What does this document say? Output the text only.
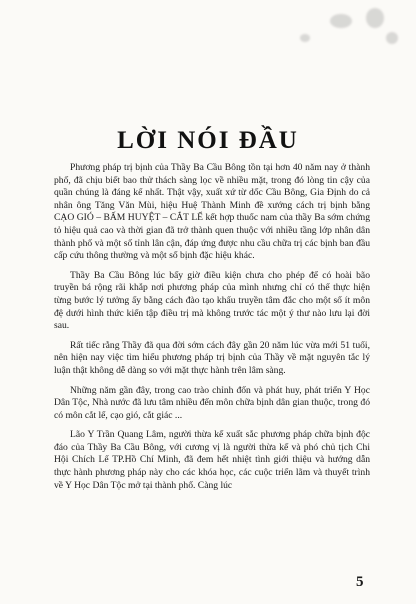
LỜI NÓI ĐẦU

Phương pháp trị bịnh của Thầy Ba Cầu Bông tồn tại hơn 40 năm nay ở thành phố, đã chịu biết bao thử thách sàng lọc về nhiều mặt, trong đó lòng tin cậy của quần chúng là đáng kể nhất. Thật vậy, xuất xứ từ dốc Cầu Bông, Gia Định do cả nhân ông Tăng Văn Mùi, hiệu Huệ Thành Minh đề xướng cách trị bịnh bằng CẠO GIÓ – BẤM HUYỆT – CẮT LỂ kết hợp thuốc nam của thầy Ba sớm chứng tỏ hiệu quả cao và thời gian đã trở thành quen thuộc với nhiều tầng lớp nhân dân thành phố và một số tỉnh lân cận, đáp ứng được nhu cầu chữa trị các bịnh ban đầu cấp cứu thông thường và một số bịnh đặc hiệu khác.

Thầy Ba Cầu Bông lúc bấy giờ điều kiện chưa cho phép để có hoài bão truyền bá rộng rãi khắp nơi phương pháp của mình nhưng chỉ có thể thực hiện từng bước lý tưởng ấy bằng cách đào tạo khẩu truyền tâm đắc cho một số ít môn đệ dưới hình thức kiến tập điều trị mà không trước tác một ý thư nào lưu lại đời sau.

Rất tiếc rằng Thầy đã qua đời sớm cách đây gần 20 năm lúc vừa mới 51 tuổi, nên hiện nay việc tìm hiểu phương pháp trị bịnh của Thầy về mặt nguyên tắc lý luận thật không dễ dàng so với mặt thực hành trên lâm sàng.

Những năm gần đây, trong cao trào chỉnh đốn và phát huy, phát triển Y Học Dân Tộc, Nhà nước đã lưu tâm nhiều đến môn chữa bịnh dân gian thuộc, trong đó có môn cắt lể, cạo gió, cắt giác ...

Lão Y Trần Quang Lâm, người thừa kế xuất sắc phương pháp chữa bịnh độc đáo của Thầy Ba Cầu Bông, với cương vị là người thừa kế và phó chủ tịch Chi Hội Chích Lể TP.Hồ Chí Minh, đã đem hết nhiệt tình giới thiệu và hướng dẫn thực hành phương pháp này cho các khóa học, các cuộc triển lãm và thuyết trình về Y Học Dân Tộc mở tại thành phố. Càng lúc

5
